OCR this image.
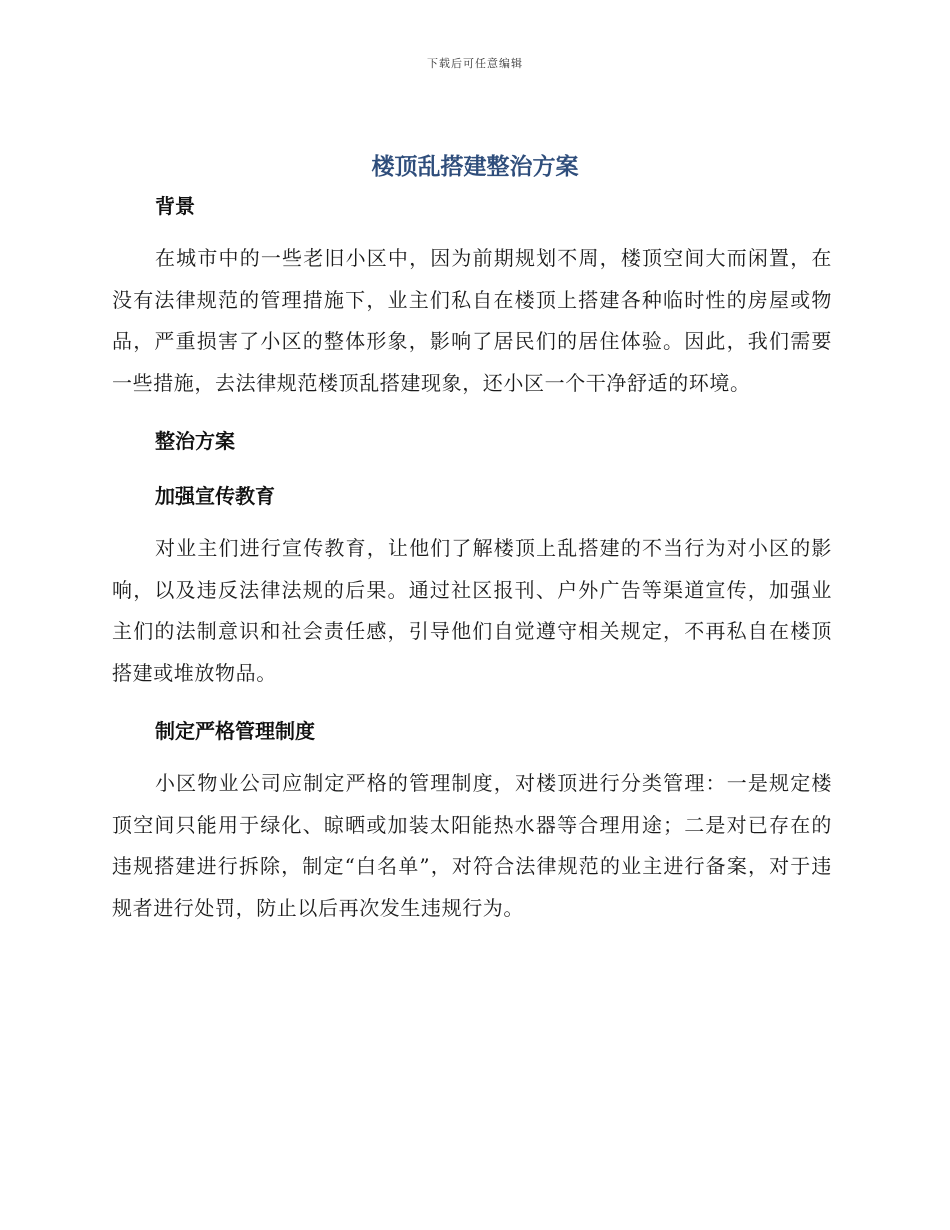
下载后可任意编辑
楼顶乱搭建整治方案
背景

在城市中的一些老旧小区中，因为前期规划不周，楼顶空间大而闲置，在没有法律规范的管理措施下，业主们私自在楼顶上搭建各种临时性的房屋或物品，严重损害了小区的整体形象，影响了居民们的居住体验。因此，我们需要一些措施，去法律规范楼顶乱搭建现象，还小区一个干净舒适的环境。

整治方案
加强宣传教育

对业主们进行宣传教育，让他们了解楼顶上乱搭建的不当行为对小区的影响，以及违反法律法规的后果。通过社区报刊、户外广告等渠道宣传，加强业主们的法制意识和社会责任感，引导他们自觉遵守相关规定，不再私自在楼顶搭建或堆放物品。

制定严格管理制度

小区物业公司应制定严格的管理制度，对楼顶进行分类管理：一是规定楼顶空间只能用于绿化、晾晒或加装太阳能热水器等合理用途；二是对已存在的违规搭建进行拆除，制定“白名单”，对符合法律规范的业主进行备案，对于违规者进行处罚，防止以后再次发生违规行为。
